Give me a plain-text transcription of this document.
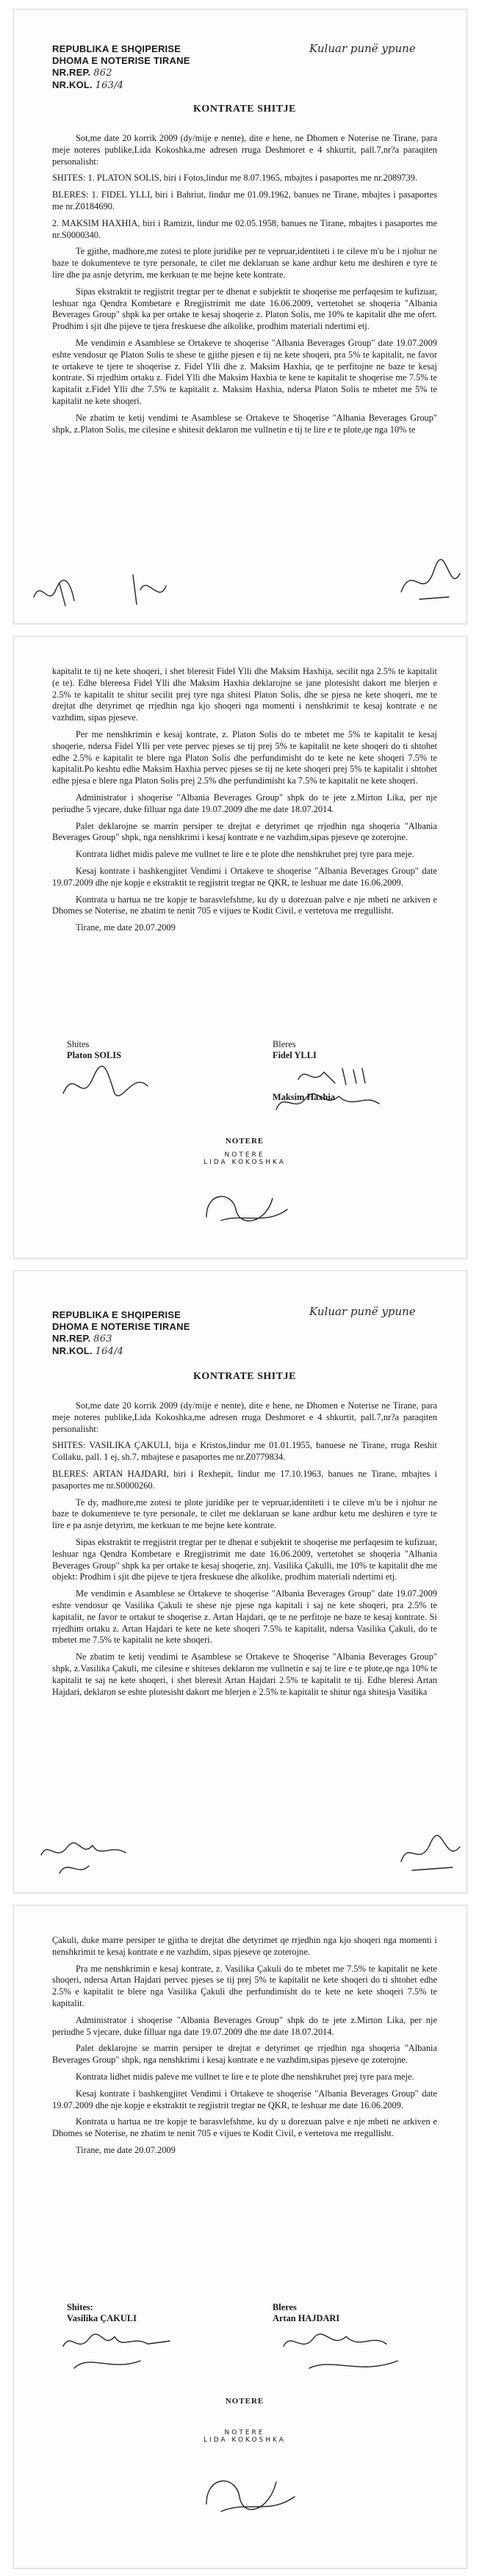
REPUBLIKA E SHQIPERISE
DHOMA E NOTERISE TIRANE
NR.REP. 862
NR.KOL. 163/4
Kuluar punë ypune
KONTRATE SHITJE

Sot,me date 20 korrik 2009 (dy/mije e nente), dite e hene, ne Dhomen e Noterise ne Tirane, para meje noteres publike,Lida Kokoshka,me adresen rruga Deshmoret e 4 shkurtit, pall.7,nr?a paraqiten personalisht:

SHITES: 1. PLATON SOLIS, biri i Fotos,lindur me 8.07.1965, mbajtes i pasaportes me nr.2089739.

BLERES: 1. FIDEL YLLI, biri i Bahriut, lindur me 01.09.1962, banues ne Tirane, mbajtes i pasaportes me nr.Z0184690.

2. MAKSIM HAXHIA, biri i Ramizit, lindur me 02.05.1958, banues ne Tirane, mbajtes i pasaportes me nr.S0000340.

Te gjithe, madhore,me zotesi te plote juridike per te vepruar,identiteti i te cileve m'u be i njohur ne baze te dokumenteve te tyre personale, te cilet me deklaruan se kane ardhur ketu me deshiren e tyre te lire dhe pa asnje detyrim, me kerkuan te me bejne kete kontrate.

Sipas ekstraktit te regjistrit tregtar per te dhenat e subjektit te shoqerise me perfaqesim te kufizuar, leshuar nga Qendra Kombetare e Rregjistrimit me date 16.06.2009, vertetohet se shoqeria "Albania Beverages Group" shpk ka per ortake te kesaj shoqerie z. Platon Solis, me 10% te kapitalit dhe me ofert. Prodhim i sjit dhe pijeve te tjera freskuese dhe alkolike, prodhim materiali ndertimi etj.

Me vendimin e Asamblese se Ortakeve te shoqerise "Albania Beverages Group" date 19.07.2009 eshte vendosur qe Platon Solis te shese te gjithe pjesen e tij ne kete shoqeri, pra 5% te kapitalit, ne favor te ortakeve te tjere te shoqerise z. Fidel Ylli dhe z. Maksim Haxhia, qe te perfitojne ne baze te kesaj kontrate. Si rrjedhim ortaku z. Fidel Ylli dhe Maksim Haxhia te kene te kapitalit te shoqerise me 7.5% te kapitalit z.Fidel Ylli dhe 7.5% te kapitalit z. Maksim Haxhia, ndersa Platon Solis te mbetet me 5% te kapitalit ne kete shoqeri.

Ne zbatim te ketij vendimi te Asamblese se Ortakeve te Shoqerise "Albania Beverages Group" shpk, z.Platon Solis, me cilesine e shitesit deklaron me vullnetin e tij te lire e te plote,qe nga 10% te

kapitalit te tij ne kete shoqeri, i shet bleresit Fidel Ylli dhe Maksim Haxhija, secilit nga 2.5% te kapitalit (e te). Edhe blereesa Fidel Ylli dhe Maksim Haxhia deklarojne se jane plotesisht dakort me blerjen e 2.5% te kapitalit te shitur secilit prej tyre nga shitesi Platon Solis, dhe se pjesa ne kete shoqeri, me te drejtat dhe detyrimet qe rrjedhin nga kjo shoqeri nga momenti i nenshkrimit te kesaj kontrate e ne vazhdim, sipas pjeseve.

Per me nenshkrimin e kesaj kontrate, z. Platon Solis do te mbetet me 5% te kapitalit te kesaj shoqerie, ndersa Fidel Ylli per vete pervec pjeses se tij prej 5% te kapitalit ne kete shoqeri do ti shtohet edhe 2.5% e kapitalit te blere nga Platon Solis dhe perfundimisht do te kete ne kete shoqeri 7.5% te kapitalit.Po keshtu edhe Maksim Haxhia pervec pjeses se tij ne kete shoqeri prej 5% te kapitalit i shtohet edhe pjesa e blere nga Platon Solis prej 2.5% dhe perfundimisht ka 7.5% te kapitalit ne kete shoqeri.

Administrator i shoqerise "Albania Beverages Group" shpk do te jete z.Mirton Lika, per nje periudhe 5 vjecare, duke filluar nga date 19.07.2009 dhe me date 18.07.2014.

Palet deklarojne se marrin persiper te drejtat e detyrimet qe rrjedhin nga shoqeria "Albania Beverages Group" shpk, nga nenshkrimi i kesaj kontrate e ne vazhdim,sipas pjeseve qe zoterojne.

Kontrata lidhet midis paleve me vullnet te lire e te plote dhe nenshkruhet prej tyre para meje.

Kesaj kontrate i bashkengjitet Vendimi i Ortakeve te shoqerise "Albania Beverages Group" date 19.07.2009 dhe nje kopje e ekstraktit te regjistrit tregtar ne QKR, te leshuar me date 16.06.2009.

Kontrata u hartua ne tre kopje te barasvlefshme, ku dy u dorezuan palve e nje mbeti ne arkiven e Dhomes se Noterise, ne zbatim te nenit 705 e vijues te Kodit Civil, e vertetova me rregullisht.

Tirane, me date 20.07.2009

Shites
Platon SOLIS
Bleres
Fidel YLLI
Maksim Haxhia
NOTERE
NOTERE
LIDA KOKOSHKA
REPUBLIKA E SHQIPERISE
DHOMA E NOTERISE TIRANE
NR.REP. 863
NR.KOL. 164/4
Kuluar punë ypune
KONTRATE SHITJE

Sot,me date 20 korrik 2009 (dy/mije e nente), dite e hene, ne Dhomen e Noterise ne Tirane, para meje noteres publike,Lida Kokoshka,me adresen rruga Deshmoret e 4 shkurtit, pall.7,nr?a paraqiten personalisht:

SHITES: VASILIKA ÇAKULI, bija e Kristos,lindur me 01.01.1955, banuese ne Tirane, rruga Reshit Collaku, pall. 1 ej, sh.7, mbajtese e pasaportes me nr.Z0779834.

BLERES: ARTAN HAJDARI, biri i Rexhepit, lindur me 17.10.1963, banues ne Tirane, mbajtes i pasaportes me nr.S0000260.

Te dy, madhore,me zotesi te plote juridike per te vepruar,identiteti i te cileve m'u be i njohur ne baze te dokumenteve te tyre personale, te cilet me deklaruan se kane ardhur ketu me deshiren e tyre te lire e pa asnje detyrim, me kerkuan te me bejne kete kontrate.

Sipas ekstraktit te rregjistrit tregtar per te dhenat e subjektit te shoqerise me perfaqesim te kufizuar, leshuar nga Qendra Kombetare e Rregjistrimit me date 16.06.2009, vertetohet se shoqeria "Albania Beverages Group" shpk ka per ortake te kesaj shoqerie, znj. Vasilika Çakulli, me 10% te kapitalit dhe me objekt: Prodhim i sjit dhe pijeve te tjera freskuese dhe alkolike, prodhim materiali ndertimi etj.

Me vendimin e Asamblese se Ortakeve te shoqerise "Albania Beverages Group" date 19.07.2009 eshte vendosur qe Vasilika Çakuli te shese nje pjese nga kapitali i saj ne kete shoqeri, pra 2.5% te kapitalit, ne favor te ortakut te shoqerise z. Artan Hajdari, qe te ne perfitoje ne baze te kesaj kontrate. Si rrjedhim ortaku z. Artan Hajdari te kete ne kete shoqeri 7.5% te kapitalit, ndersa Vasilika Çakuli, do te mbetet me 7.5% te kapitalit ne kete shoqeri.

Ne zbatim te ketij vendimi te Asamblese se Ortakeve te Shoqerise "Albania Beverages Group" shpk, z.Vasilika Çakuli, me cilesine e shiteses deklaron me vullnetin e saj te lire e te plote,qe nga 10% te kapitalit te saj ne kete shoqeri, i shet bleresit Artan Hajdari 2.5% te kapitalit te tij. Edhe bleresi Artan Hajdari, deklaron se eshte plotesisht dakort me blerjen e 2.5% te kapitalit te shitur nga shitesja Vasilika

Çakuli, duke marre persiper te gjitha te drejtat dhe detyrimet qe rrjedhin nga kjo shoqeri nga momenti i nenshkrimit te kesaj kontrate e ne vazhdim, sipas pjeseve qe zoterojne.

Pra me nenshkrimin e kesaj kontrate, z. Vasilika Çakuli do te mbetet me 7.5% te kapitalit ne kete shoqeri, ndersa Artan Hajdari pervec pjeses se tij prej 5% te kapitalit ne kete shoqeri do ti shtohet edhe 2.5% e kapitalit te blere nga Vasilika Çakuli dhe perfundimisht do te kete ne kete shoqeri 7.5% te kapitalit.

Administrator i shoqerise "Albania Beverages Group" shpk do te jete z.Mirton Lika, per nje periudhe 5 vjecare, duke filluar nga date 19.07.2009 dhe me date 18.07.2014.

Palet deklarojne se marrin persiper te drejtat e detyrimet qe rrjedhin nga shoqeria "Albania Beverages Group" shpk, nga nenshkrimi i kesaj kontrate e ne vazhdim,sipas pjeseve qe zoterojne.

Kontrata lidhet midis paleve me vullnet te lire e te plote dhe nenshkruhet prej tyre para meje.

Kesaj kontrate i bashkengjitet Vendimi i Ortakeve te shoqerise "Albania Beverages Group" date 19.07.2009 dhe nje kopje e ekstraktit te regjistrit tregtar ne QKR, te leshuar me date 16.06.2009.

Kontrata u hartua ne tre kopje te barasvlefshme, ku dy u dorezuan palve e nje mbeti ne arkiven e Dhomes se Noterise, ne zbatim te nenit 705 e vijues te Kodit Civil, e vertetova me rregullisht.

Tirane, me date 20.07.2009

Shites:
Vasilika ÇAKULI
Bleres
Artan HAJDARI
NOTERE
NOTERE
LIDA KOKOSHKA
